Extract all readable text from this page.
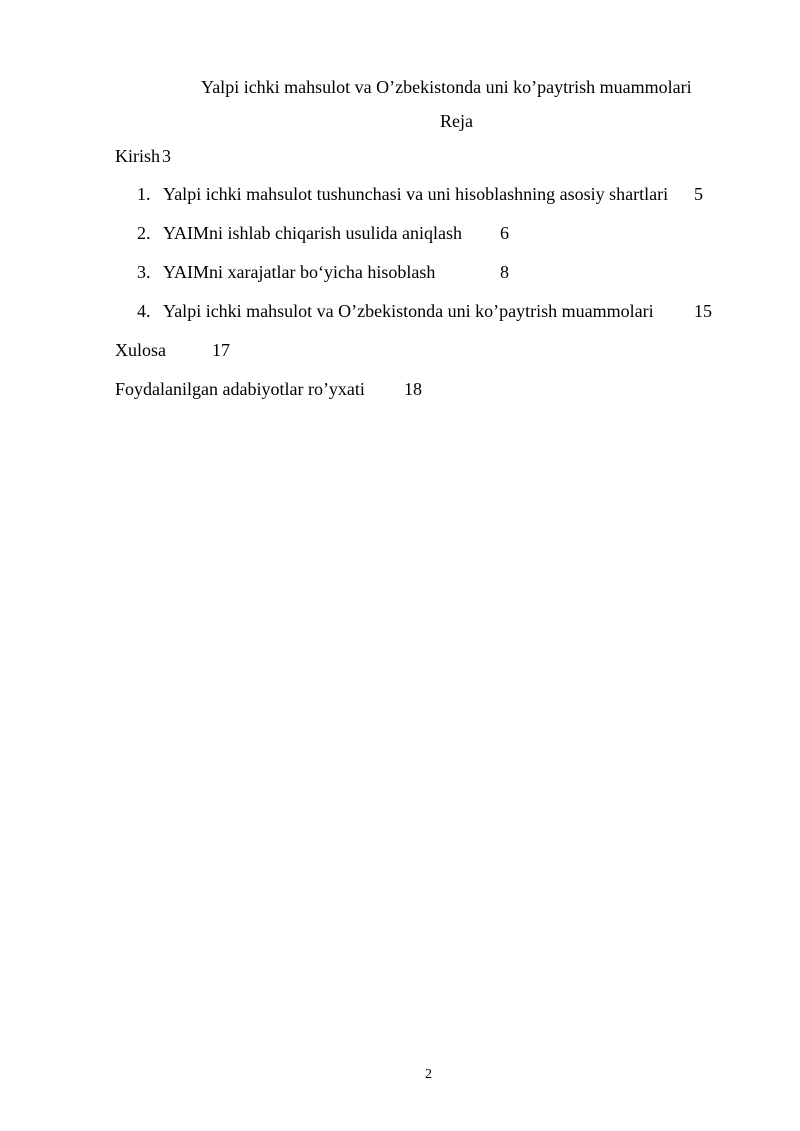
Yalpi ichki mahsulot va O’zbekistonda uni ko’paytrish muammolari
Reja
Kirish 3
1. Yalpi ichki mahsulot tushunchasi va uni hisoblashning asosiy shartlari 5
2. YAIMni ishlab chiqarish usulida aniqlash 6
3. YAIMni xarajatlar bo‘yicha hisoblash	8
4. Yalpi ichki mahsulot va O’zbekistonda uni ko’paytrish muammolari 15
Xulosa	17
Foydalanilgan adabiyotlar ro’yxati 18
2
